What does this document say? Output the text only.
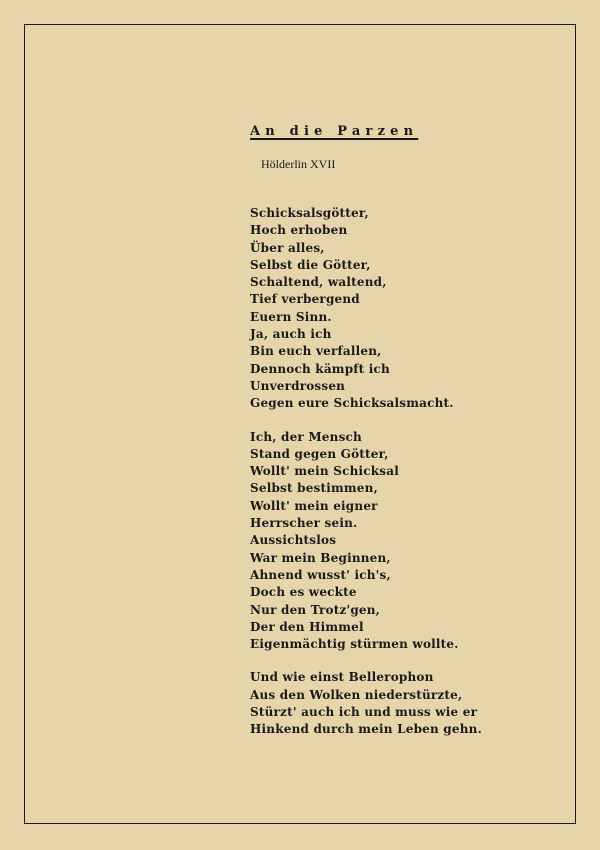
An die Parzen
Hölderlin XVII
Schicksalsgötter,
Hoch erhoben
Über alles,
Selbst die Götter,
Schaltend, waltend,
Tief verbergend
Euern Sinn.
Ja, auch ich
Bin euch verfallen,
Dennoch kämpft ich
Unverdrossen
Gegen eure Schicksalsmacht.
Ich, der Mensch
Stand gegen Götter,
Wollt' mein Schicksal
Selbst bestimmen,
Wollt' mein eigner
Herrscher sein.
Aussichtslos
War mein Beginnen,
Ahnend wusst' ich's,
Doch es weckte
Nur den Trotz'gen,
Der den Himmel
Eigenmächtig stürmen wollte.
Und wie einst Bellerophon
Aus den Wolken niederstürzte,
Stürzt' auch ich und muss wie er
Hinkend durch mein Leben gehn.
